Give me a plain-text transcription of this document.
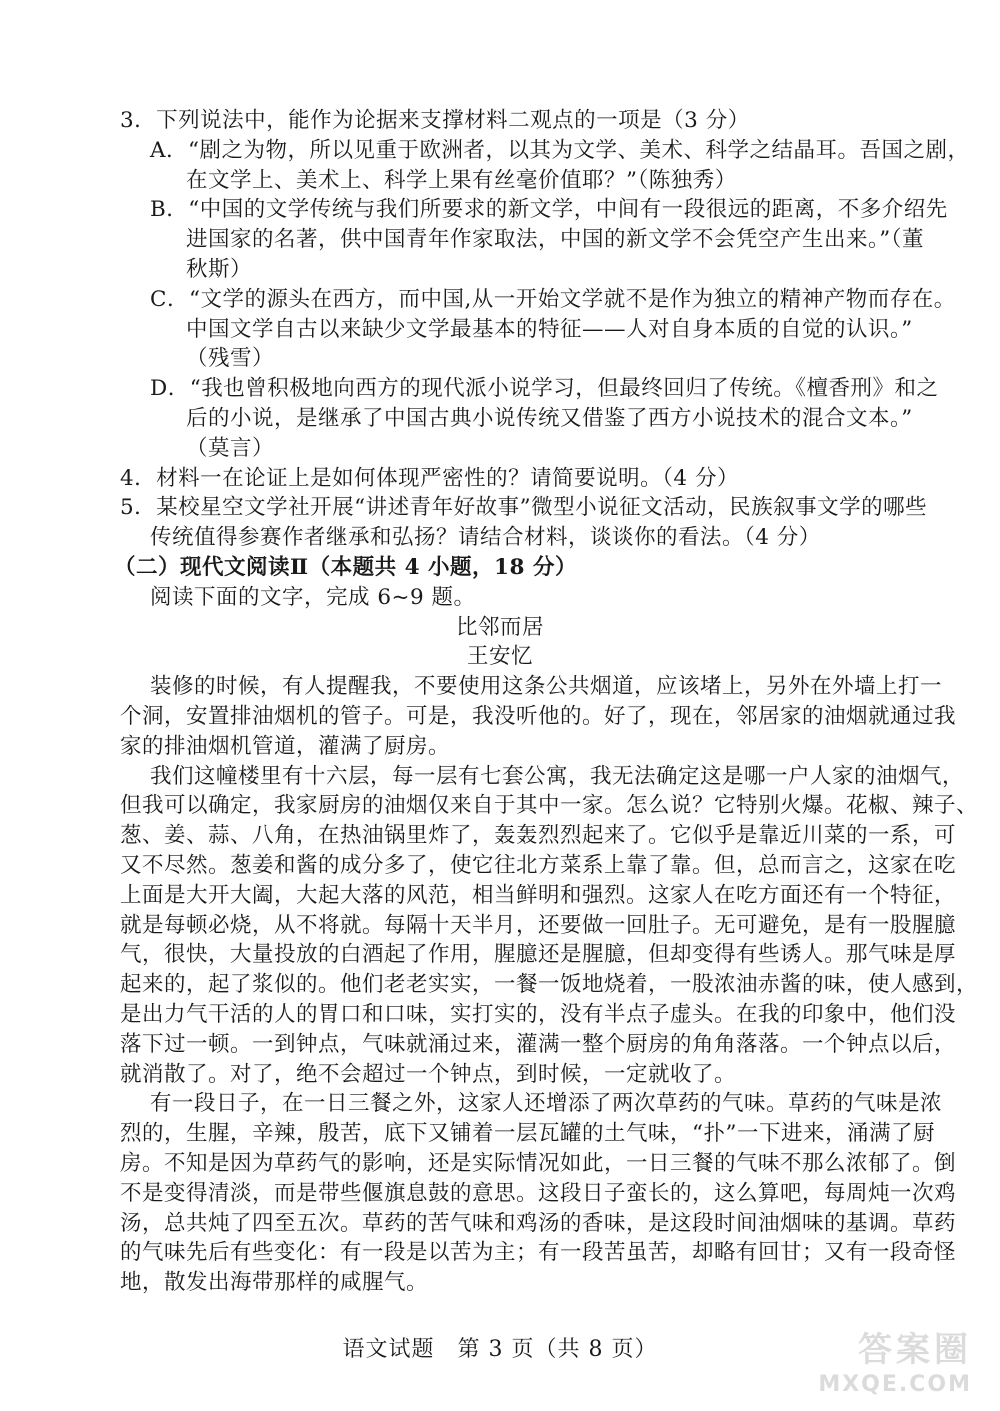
3．下列说法中，能作为论据来支撑材料二观点的一项是（3 分）
A．“剧之为物，所以见重于欧洲者，以其为文学、美术、科学之结晶耳。吾国之剧，
在文学上、美术上、科学上果有丝毫价值耶？”（陈独秀）
B．“中国的文学传统与我们所要求的新文学，中间有一段很远的距离，不多介绍先
进国家的名著，供中国青年作家取法，中国的新文学不会凭空产生出来。”（董
秋斯）
C．“文学的源头在西方，而中国,从一开始文学就不是作为独立的精神产物而存在。
中国文学自古以来缺少文学最基本的特征——人对自身本质的自觉的认识。”
（残雪）
D．“我也曾积极地向西方的现代派小说学习，但最终回归了传统。《檀香刑》和之
后的小说，是继承了中国古典小说传统又借鉴了西方小说技术的混合文本。”
（莫言）
4．材料一在论证上是如何体现严密性的？请简要说明。（4 分）
5．某校星空文学社开展“讲述青年好故事”微型小说征文活动，民族叙事文学的哪些
传统值得参赛作者继承和弘扬？请结合材料，谈谈你的看法。（4 分）
（二）现代文阅读Ⅱ（本题共 4 小题，18 分）
阅读下面的文字，完成 6~9 题。
比邻而居
王安忆
装修的时候，有人提醒我，不要使用这条公共烟道，应该堵上，另外在外墙上打一
个洞，安置排油烟机的管子。可是，我没听他的。好了，现在，邻居家的油烟就通过我
家的排油烟机管道，灌满了厨房。
我们这幢楼里有十六层，每一层有七套公寓，我无法确定这是哪一户人家的油烟气，
但我可以确定，我家厨房的油烟仅来自于其中一家。怎么说？它特别火爆。花椒、辣子、
葱、姜、蒜、八角，在热油锅里炸了，轰轰烈烈起来了。它似乎是靠近川菜的一系，可
又不尽然。葱姜和酱的成分多了，使它往北方菜系上靠了靠。但，总而言之，这家在吃
上面是大开大阖，大起大落的风范，相当鲜明和强烈。这家人在吃方面还有一个特征，
就是每顿必烧，从不将就。每隔十天半月，还要做一回肚子。无可避免，是有一股腥臆
气，很快，大量投放的白酒起了作用，腥臆还是腥臆，但却变得有些诱人。那气味是厚
起来的，起了浆似的。他们老老实实，一餐一饭地烧着，一股浓油赤酱的味，使人感到，
是出力气干活的人的胃口和口味，实打实的，没有半点子虚头。在我的印象中，他们没
落下过一顿。一到钟点，气味就涌过来，灌满一整个厨房的角角落落。一个钟点以后，
就消散了。对了，绝不会超过一个钟点，到时候，一定就收了。
有一段日子，在一日三餐之外，这家人还增添了两次草药的气味。草药的气味是浓
烈的，生腥，辛辣，殷苦，底下又铺着一层瓦罐的土气味，“扑”一下进来，涌满了厨
房。不知是因为草药气的影响，还是实际情况如此，一日三餐的气味不那么浓郁了。倒
不是变得清淡，而是带些偃旗息鼓的意思。这段日子蛮长的，这么算吧，每周炖一次鸡
汤，总共炖了四至五次。草药的苦气味和鸡汤的香味，是这段时间油烟味的基调。草药
的气味先后有些变化：有一段是以苦为主；有一段苦虽苦，却略有回甘；又有一段奇怪
地，散发出海带那样的咸腥气。
语文试题　第 3 页（共 8 页）	答案圈
MXQE.COM
